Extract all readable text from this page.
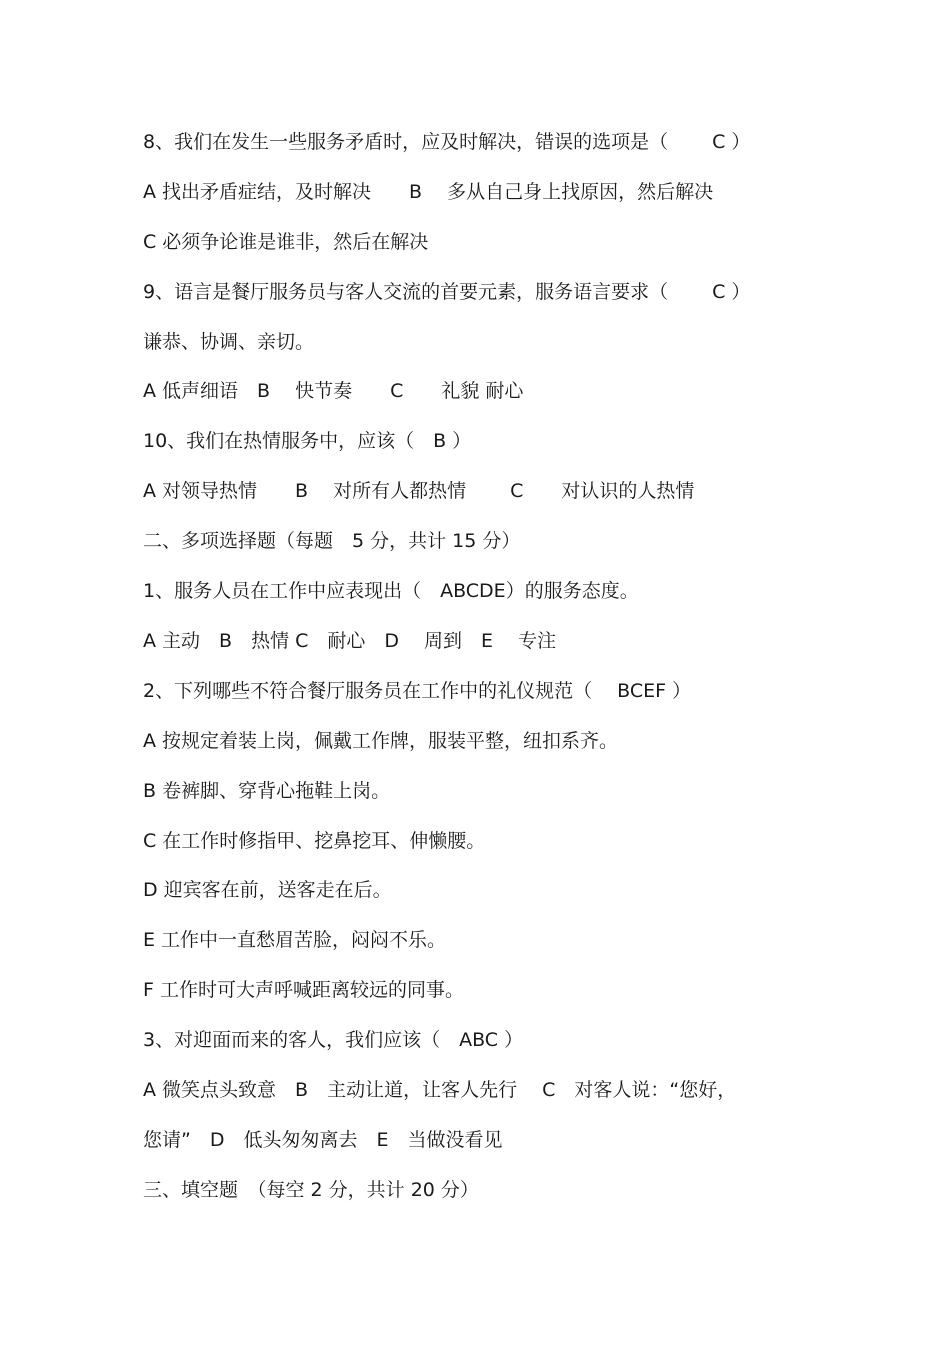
8、我们在发生一些服务矛盾时，应及时解决，错误的选项是（　　 C ）
A 找出矛盾症结，及时解决　　B　 多从自己身上找原因，然后解决
C 必须争论谁是谁非，然后在解决
9、语言是餐厅服务员与客人交流的首要元素，服务语言要求（　　 C ）
谦恭、协调、亲切。
A 低声细语　B　 快节奏　　C　　礼貌 耐心
10、我们在热情服务中，应该（　B ）
A 对领导热情　　B　 对所有人都热情　　 C　　对认识的人热情
二、多项选择题（每题　5 分，共计 15 分）
1、服务人员在工作中应表现出（　ABCDE）的服务态度。
A 主动　B　热情 C　耐心　D　 周到　E　 专注
2、下列哪些不符合餐厅服务员在工作中的礼仪规范（　 BCEF ）
A 按规定着装上岗，佩戴工作牌，服装平整，纽扣系齐。
B 卷裤脚、穿背心拖鞋上岗。
C 在工作时修指甲、挖鼻挖耳、伸懒腰。
D 迎宾客在前，送客走在后。
E 工作中一直愁眉苦脸，闷闷不乐。
F 工作时可大声呼喊距离较远的同事。
3、对迎面而来的客人，我们应该（　ABC ）
A 微笑点头致意　B　主动让道，让客人先行　 C　对客人说：“您好，
您请”　D　低头匆匆离去　E　当做没看见
三、填空题　（每空 2 分，共计 20 分）
